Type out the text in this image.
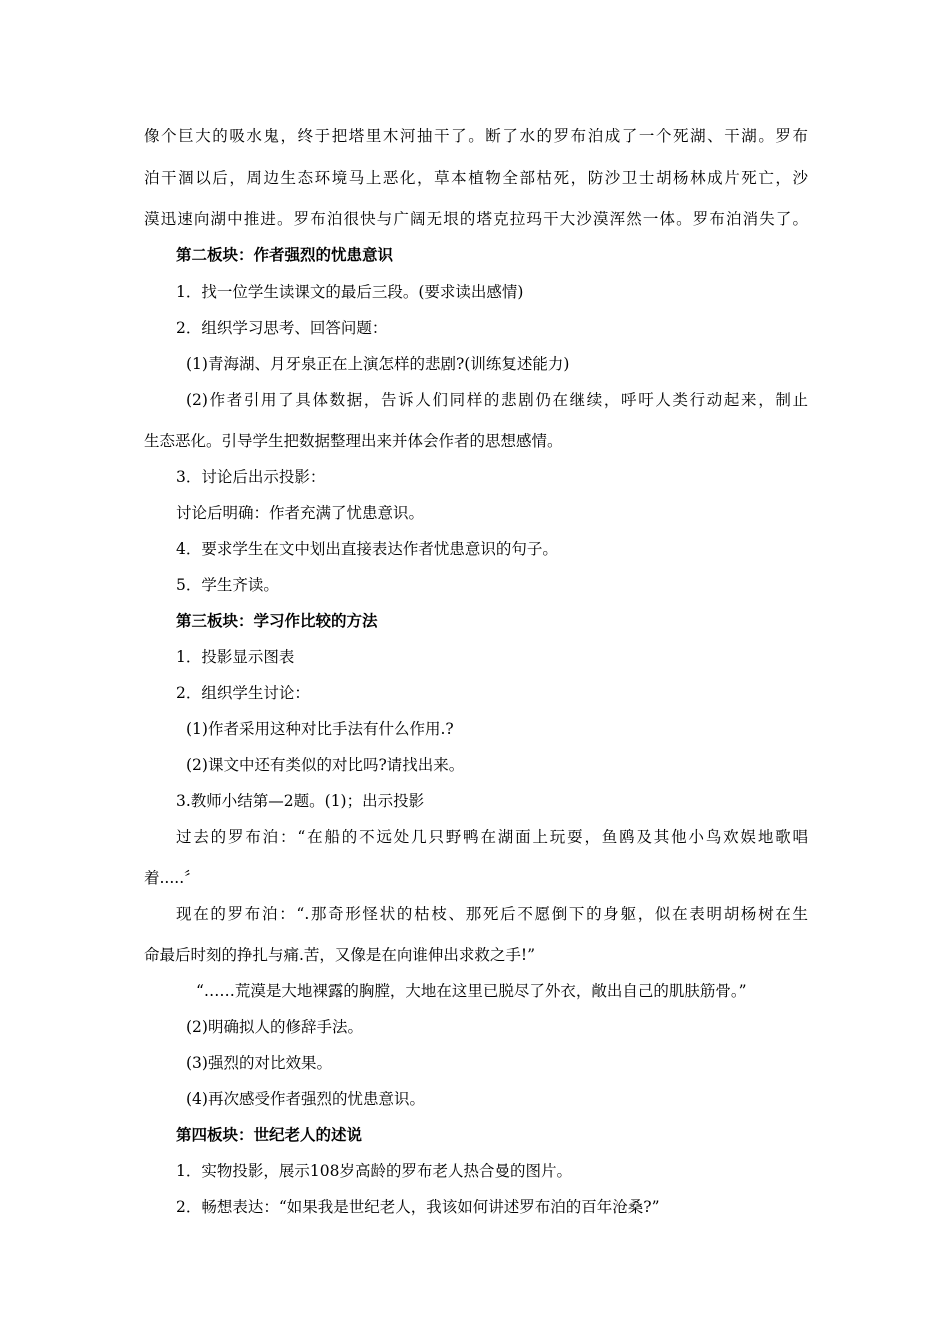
像个巨大的吸水鬼，终于把塔里木河抽干了。断了水的罗布泊成了一个死湖、干湖。罗布
泊干涸以后，周边生态环境马上恶化，草本植物全部枯死，防沙卫士胡杨林成片死亡，沙
漠迅速向湖中推进。罗布泊很快与广阔无垠的塔克拉玛干大沙漠浑然一体。罗布泊消失了。
第二板块：作者强烈的忧患意识
1．找一位学生读课文的最后三段。(要求读出感情)
2．组织学习思考、回答问题：
(1)青海湖、月牙泉正在上演怎样的悲剧?(训练复述能力)
(2)作者引用了具体数据，告诉人们同样的悲剧仍在继续，呼吁人类行动起来，制止
生态恶化。引导学生把数据整理出来并体会作者的思想感情。
3．讨论后出示投影：
讨论后明确：作者充满了忧患意识。
4．要求学生在文中划出直接表达作者忧患意识的句子。
5．学生齐读。
第三板块：学习作比较的方法
1．投影显示图表
2．组织学生讨论：
(1)作者采用这种对比手法有什么作用.?
(2)课文中还有类似的对比吗?请找出来。
3.教师小结第—2题。(1)；出示投影
过去的罗布泊：“在船的不远处几只野鸭在湖面上玩耍，鱼鸥及其他小鸟欢娱地歌唱
着.....〞
现在的罗布泊：“.那奇形怪状的枯枝、那死后不愿倒下的身躯，似在表明胡杨树在生
命最后时刻的挣扎与痛.苦，又像是在向谁伸出求救之手!”
“……荒漠是大地裸露的胸膛，大地在这里已脱尽了外衣，敞出自己的肌肤筋骨。”
(2)明确拟人的修辞手法。
(3)强烈的对比效果。
(4)再次感受作者强烈的忧患意识。
第四板块：世纪老人的述说
1．实物投影，展示108岁高龄的罗布老人热合曼的图片。
2．畅想表达：“如果我是世纪老人，我该如何讲述罗布泊的百年沧桑?”
